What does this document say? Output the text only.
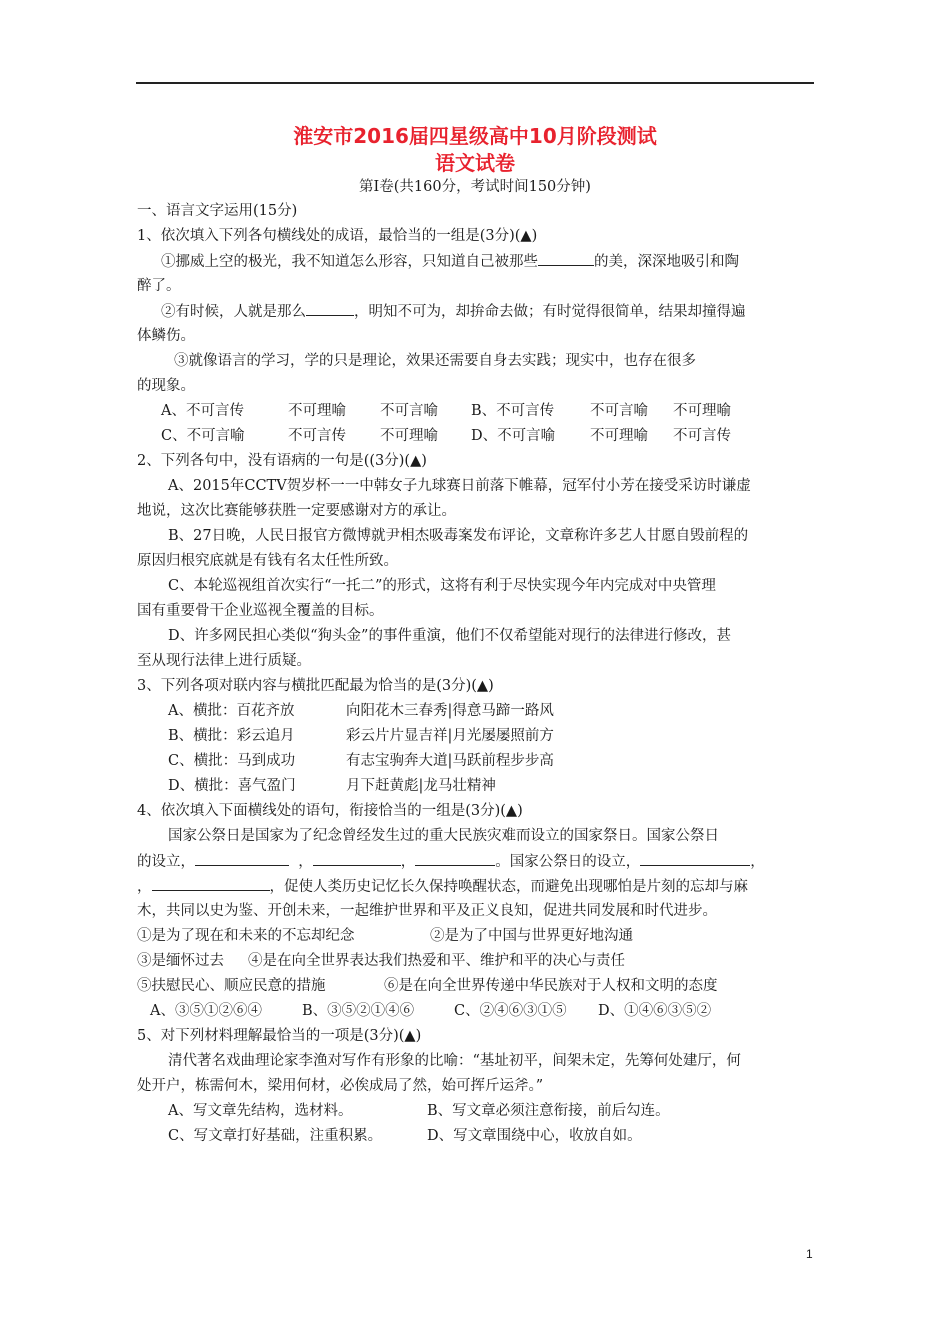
淮安市2016届四星级高中10月阶段测试
语文试卷
第Ⅰ卷(共160分，考试时间150分钟)
一、语言文字运用(15分)
1、依次填入下列各句横线处的成语，最恰当的一组是(3分)(▲)
①挪威上空的极光，我不知道怎么形容，只知道自己被那些	的美，深深地吸引和陶
醉了。
②有时候，人就是那么	，明知不可为，却拚命去做；有时觉得很简单，结果却撞得遍
体鳞伤。
③就像语言的学习，学的只是理论，效果还需要自身去实践；现实中，也存在很多
的现象。
A、不可言传	不可理喻 不可言喻 B、不可言传 不可言喻 不可理喻
C、不可言喻	不可言传 不可理喻 D、不可言喻 不可理喻 不可言传
2、下列各句中，没有语病的一句是((3分)(▲)
A、2015年CCTV贺岁杯一一中韩女子九球赛日前落下帷幕，冠军付小芳在接受采访时谦虚
地说，这次比赛能够获胜一定要感谢对方的承让。
B、27日晚，人民日报官方微博就尹相杰吸毒案发布评论，文章称许多艺人甘愿自毁前程的
原因归根究底就是有钱有名太任性所致。
C、本轮巡视组首次实行“一托二”的形式，这将有利于尽快实现今年内完成对中央管理
国有重要骨干企业巡视全覆盖的目标。
D、许多网民担心类似“狗头金”的事件重演，他们不仅希望能对现行的法律进行修改，甚
至从现行法律上进行质疑。
3、下列各项对联内容与横批匹配最为恰当的是(3分)(▲)
A、横批：百花齐放	向阳花木三春秀|得意马蹄一路风
B、横批：彩云追月	彩云片片显吉祥|月光屡屡照前方
C、横批：马到成功	有志宝驹奔大道|马跃前程步步高
D、横批：喜气盈门	月下赶黄彪|龙马壮精神
4、依次填入下面横线处的语句，衔接恰当的一组是(3分)(▲)
国家公祭日是国家为了纪念曾经发生过的重大民族灾难而设立的国家祭日。国家公祭日
的设立，	，	，	。国家公祭日的设立，	，
，	，促使人类历史记忆长久保持唤醒状态，而避免出现哪怕是片刻的忘却与麻
木，共同以史为鉴、开创未来，一起维护世界和平及正义良知，促进共同发展和时代进步。
①是为了现在和未来的不忘却纪念	②是为了中国与世界更好地沟通
③是缅怀过去 ④是在向全世界表达我们热爱和平、维护和平的决心与责任
⑤扶慰民心、顺应民意的措施	⑥是在向全世界传递中华民族对于人权和文明的态度
A、③⑤①②⑥④	B、③⑤②①④⑥	C、②④⑥③①⑤ D、①④⑥③⑤②
5、对下列材料理解最恰当的一项是(3分)(▲)
清代著名戏曲理论家李渔对写作有形象的比喻：“基址初平，间架未定，先筹何处建厅，何
处开户，栋需何木，梁用何材，必俟成局了然，始可挥斤运斧。”
A、写文章先结构，选材料。	B、写文章必须注意衔接，前后勾连。
C、写文章打好基础，注重积累。	D、写文章围绕中心，收放自如。
1
